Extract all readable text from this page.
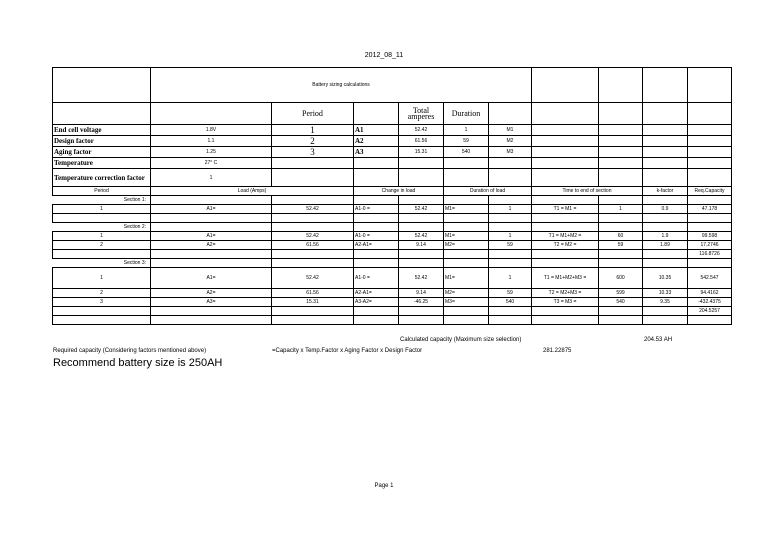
2012_08_11
	Battery sizing calculations									
		Period		Total amperes	Duration					
End cell voltage	1.8V	1	A1	52.42	1	M1				
Design factor	1.1	2	A2	61.56	59	M2				
Aging factor	1.25	3	A3	15.31	540	M3				
Temperature	27° C									
Temperature correction factor	1									
Period	Load (Amps)		Change in load		Duration of load		Time to end of section		k-factor	Req.Capacity
Section 1:										
1	A1=	52.42	A1-0 =	52.42	M1=	1	T1 = M1 =	1	0.9	47.178

Section 2:										
1	A1=	52.42	A1-0 =	52.42	M1=	1	T1 = M1+M2 =	60	1.9	99.598
2	A2=	61.56	A2-A1=	9.14	M2=	59	T2 = M2 =	59	1.89	17.2746
										116.8726
Section 3:										
1	A1=	52.42	A1-0 =	52.42	M1=	1	T1 = M1+M2+M3 =	600	10.35	542.547
2	A2=	61.56	A2-A1=	9.14	M2=	59	T2 = M2+M3 =	599	10.33	94.4162
3	A3=	15.31	A3-A2=	-46.25	M3=	540	T3 = M3 =	540	9.35	-432.4375
										204.5257

Calculated capacity (Maximum size selection)	204.53 AH
Required capacity (Considering factors mentioned above)	=Capacity x Temp.Factor x Aging Factor x Design Factor	281.22875
Recommend battery size is 250AH
Page 1
